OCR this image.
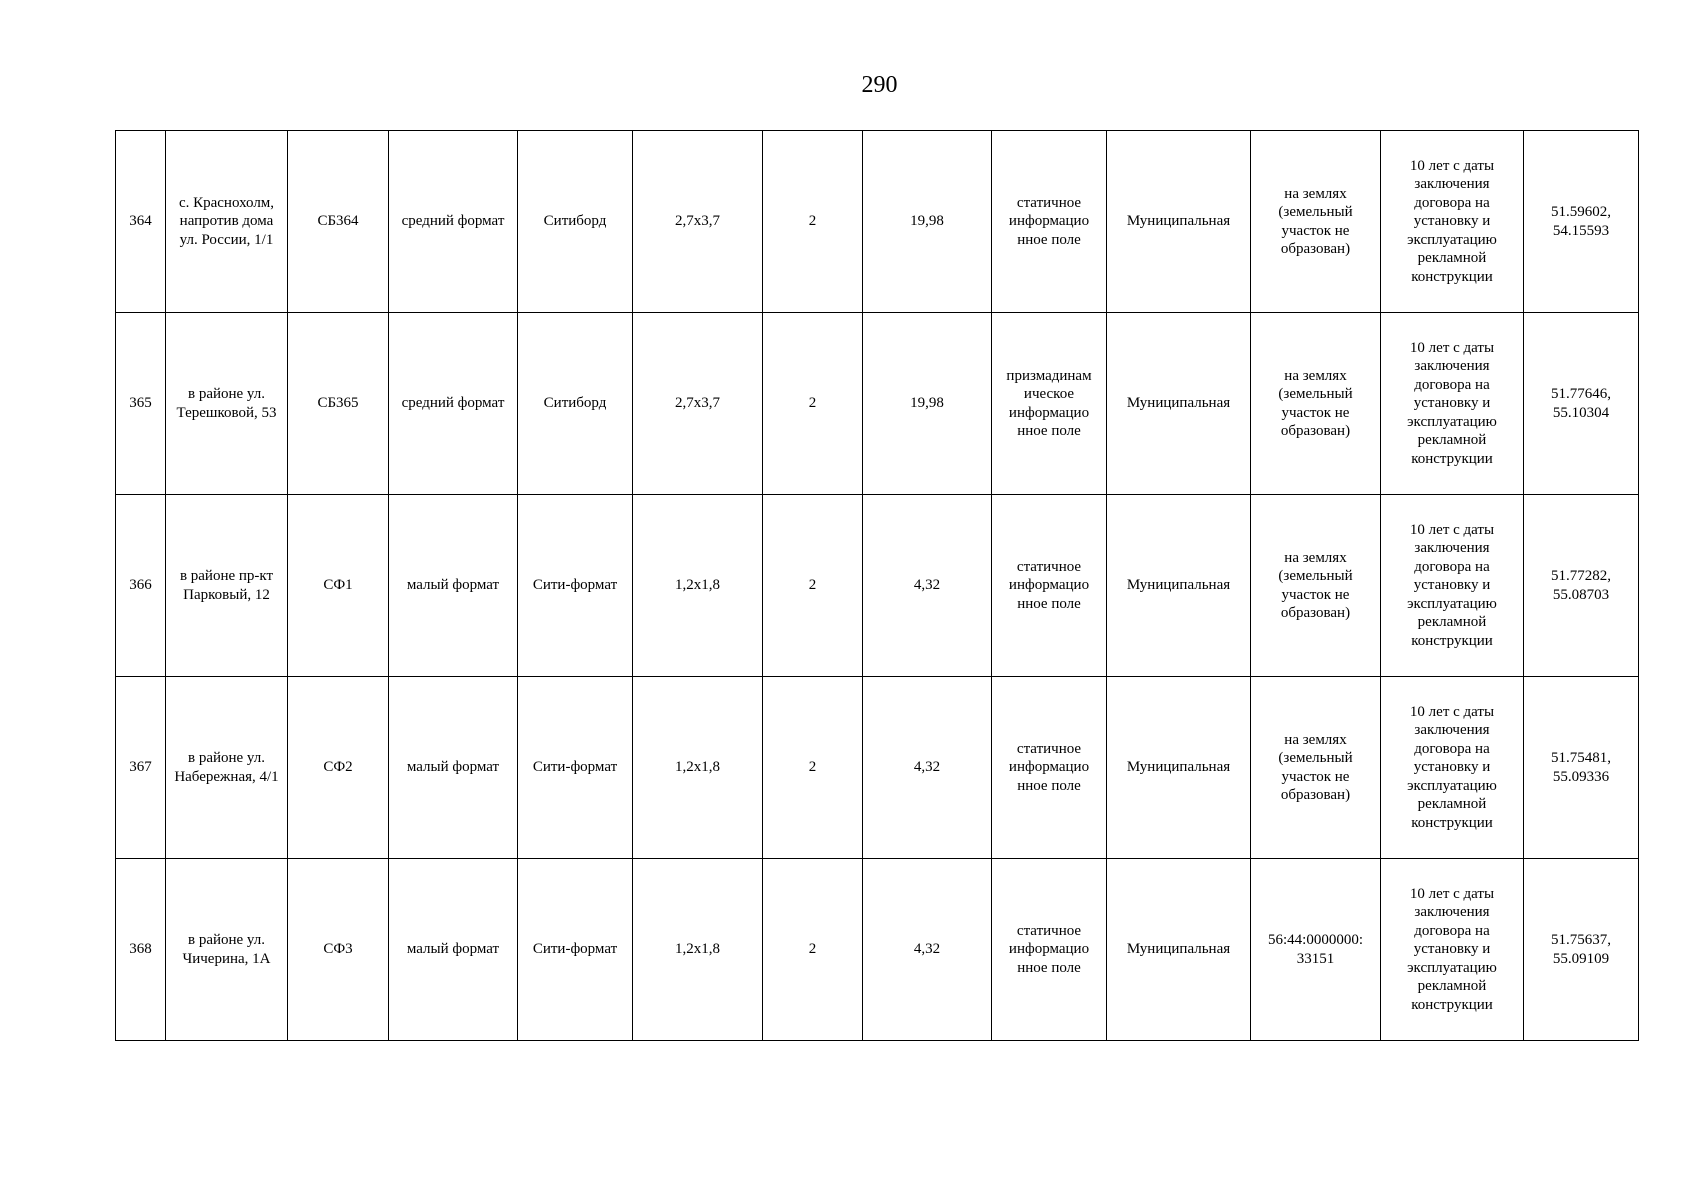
290
364	с. Краснохолм, напротив дома ул. России, 1/1	СБ364	средний формат	Ситиборд	2,7х3,7	2	19,98	статичное информацио нное поле	Муниципальная	на землях (земельный участок не образован)	10 лет с даты заключения договора на установку и эксплуатацию рекламной конструкции	51.59602, 54.15593
365	в районе ул. Терешковой, 53	СБ365	средний формат	Ситиборд	2,7х3,7	2	19,98	призмадинам ическое информацио нное поле	Муниципальная	на землях (земельный участок не образован)	10 лет с даты заключения договора на установку и эксплуатацию рекламной конструкции	51.77646, 55.10304
366	в районе пр-кт Парковый, 12	СФ1	малый формат	Сити-формат	1,2х1,8	2	4,32	статичное информацио нное поле	Муниципальная	на землях (земельный участок не образован)	10 лет с даты заключения договора на установку и эксплуатацию рекламной конструкции	51.77282, 55.08703
367	в районе ул. Набережная, 4/1	СФ2	малый формат	Сити-формат	1,2х1,8	2	4,32	статичное информацио нное поле	Муниципальная	на землях (земельный участок не образован)	10 лет с даты заключения договора на установку и эксплуатацию рекламной конструкции	51.75481, 55.09336
368	в районе ул. Чичерина, 1А	СФ3	малый формат	Сити-формат	1,2х1,8	2	4,32	статичное информацио нное поле	Муниципальная	56:44:0000000: 33151	10 лет с даты заключения договора на установку и эксплуатацию рекламной конструкции	51.75637, 55.09109
